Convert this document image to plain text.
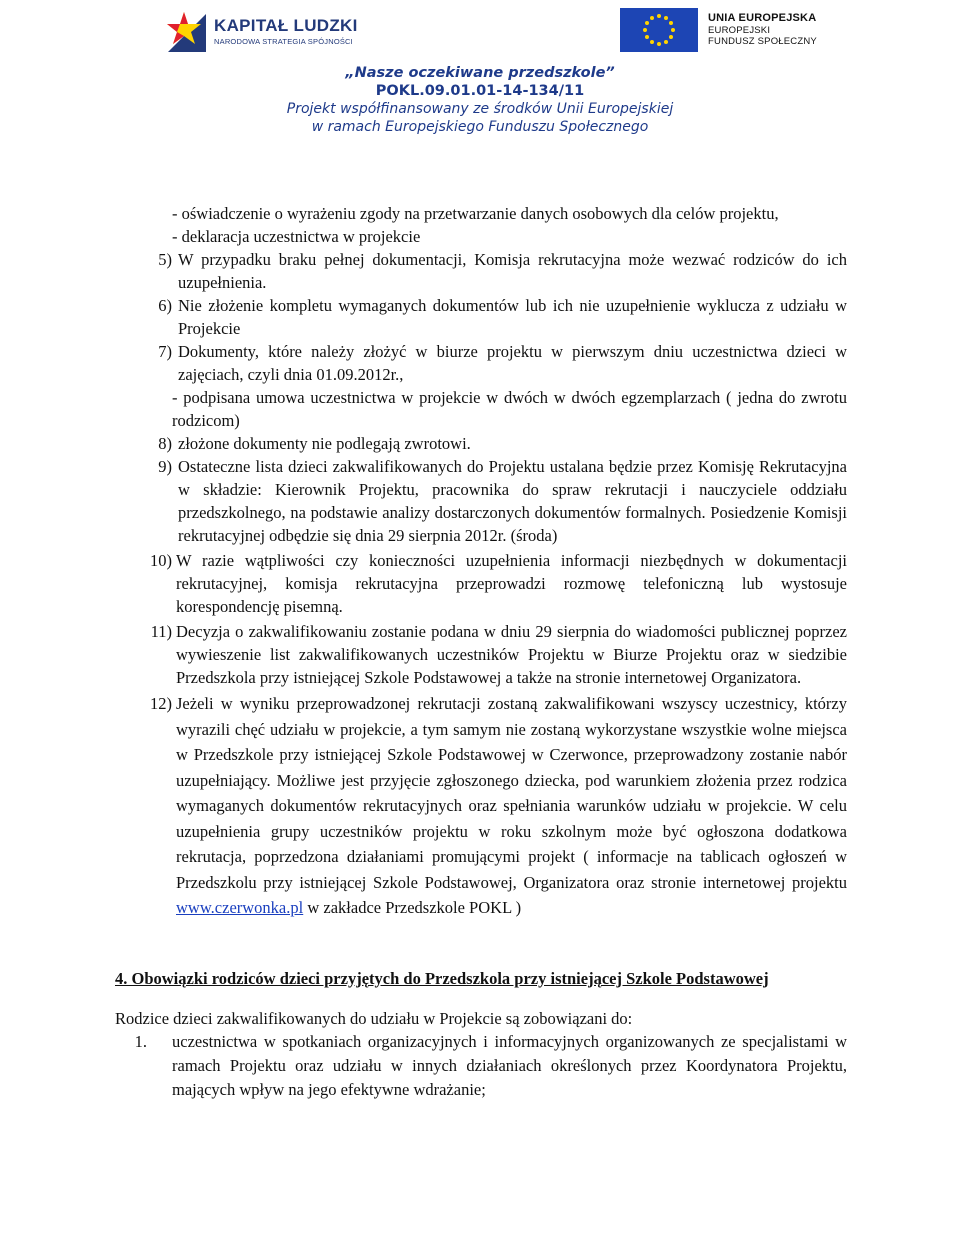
KAPITAŁ LUDZKI
NARODOWA STRATEGIA SPÓJNOŚCI
UNIA EUROPEJSKA
EUROPEJSKI
FUNDUSZ SPOŁECZNY
„Nasze oczekiwane przedszkole”
POKL.09.01.01-14-134/11
Projekt współfinansowany ze środków Unii Europejskiej
w ramach Europejskiego Funduszu Społecznego

- oświadczenie o wyrażeniu zgody na przetwarzanie danych osobowych dla celów projektu,

- deklaracja uczestnictwa w projekcie

5) W przypadku braku pełnej dokumentacji, Komisja rekrutacyjna może wezwać rodziców do ich uzupełnienia.
6) Nie złożenie kompletu wymaganych dokumentów lub ich nie uzupełnienie wyklucza z udziału w Projekcie
7) Dokumenty, które należy złożyć w biurze projektu w pierwszym dniu uczestnictwa dzieci w zajęciach, czyli dnia 01.09.2012r.,

- podpisana umowa uczestnictwa w projekcie w dwóch w dwóch egzemplarzach ( jedna do zwrotu rodzicom)

8) złożone dokumenty nie podlegają zwrotowi.
9) Ostateczne lista dzieci zakwalifikowanych do Projektu ustalana będzie przez Komisję Rekrutacyjna w składzie: Kierownik Projektu, pracownika do spraw rekrutacji i nauczyciele oddziału przedszkolnego, na podstawie analizy dostarczonych dokumentów formalnych. Posiedzenie Komisji rekrutacyjnej odbędzie się dnia 29 sierpnia 2012r. (środa)
10) W razie wątpliwości czy konieczności uzupełnienia informacji niezbędnych w dokumentacji rekrutacyjnej, komisja rekrutacyjna przeprowadzi rozmowę telefoniczną lub wystosuje korespondencję pisemną.
11) Decyzja o zakwalifikowaniu zostanie podana w dniu 29 sierpnia do wiadomości publicznej poprzez wywieszenie list zakwalifikowanych uczestników Projektu w Biurze Projektu oraz w siedzibie Przedszkola przy istniejącej Szkole Podstawowej a także na stronie internetowej Organizatora.
12) Jeżeli w wyniku przeprowadzonej rekrutacji zostaną zakwalifikowani wszyscy uczestnicy, którzy wyrazili chęć udziału w projekcie, a tym samym nie zostaną wykorzystane wszystkie wolne miejsca w Przedszkole przy istniejącej Szkole Podstawowej w Czerwonce, przeprowadzony zostanie nabór uzupełniający. Możliwe jest przyjęcie zgłoszonego dziecka, pod warunkiem złożenia przez rodzica wymaganych dokumentów rekrutacyjnych oraz spełniania warunków udziału w projekcie. W celu uzupełnienia grupy uczestników projektu w roku szkolnym może być ogłoszona dodatkowa rekrutacja, poprzedzona działaniami promującymi projekt ( informacje na tablicach ogłoszeń w Przedszkolu przy istniejącej Szkole Podstawowej, Organizatora oraz stronie internetowej projektu www.czerwonka.pl w zakładce Przedszkole POKL )
4. Obowiązki rodziców dzieci przyjętych do Przedszkola przy istniejącej Szkole Podstawowej

Rodzice dzieci zakwalifikowanych do udziału w Projekcie są zobowiązani do:

1.	uczestnictwa w spotkaniach organizacyjnych i informacyjnych organizowanych ze specjalistami w ramach Projektu oraz udziału w innych działaniach określonych przez Koordynatora Projektu, mających wpływ na jego efektywne wdrażanie;
